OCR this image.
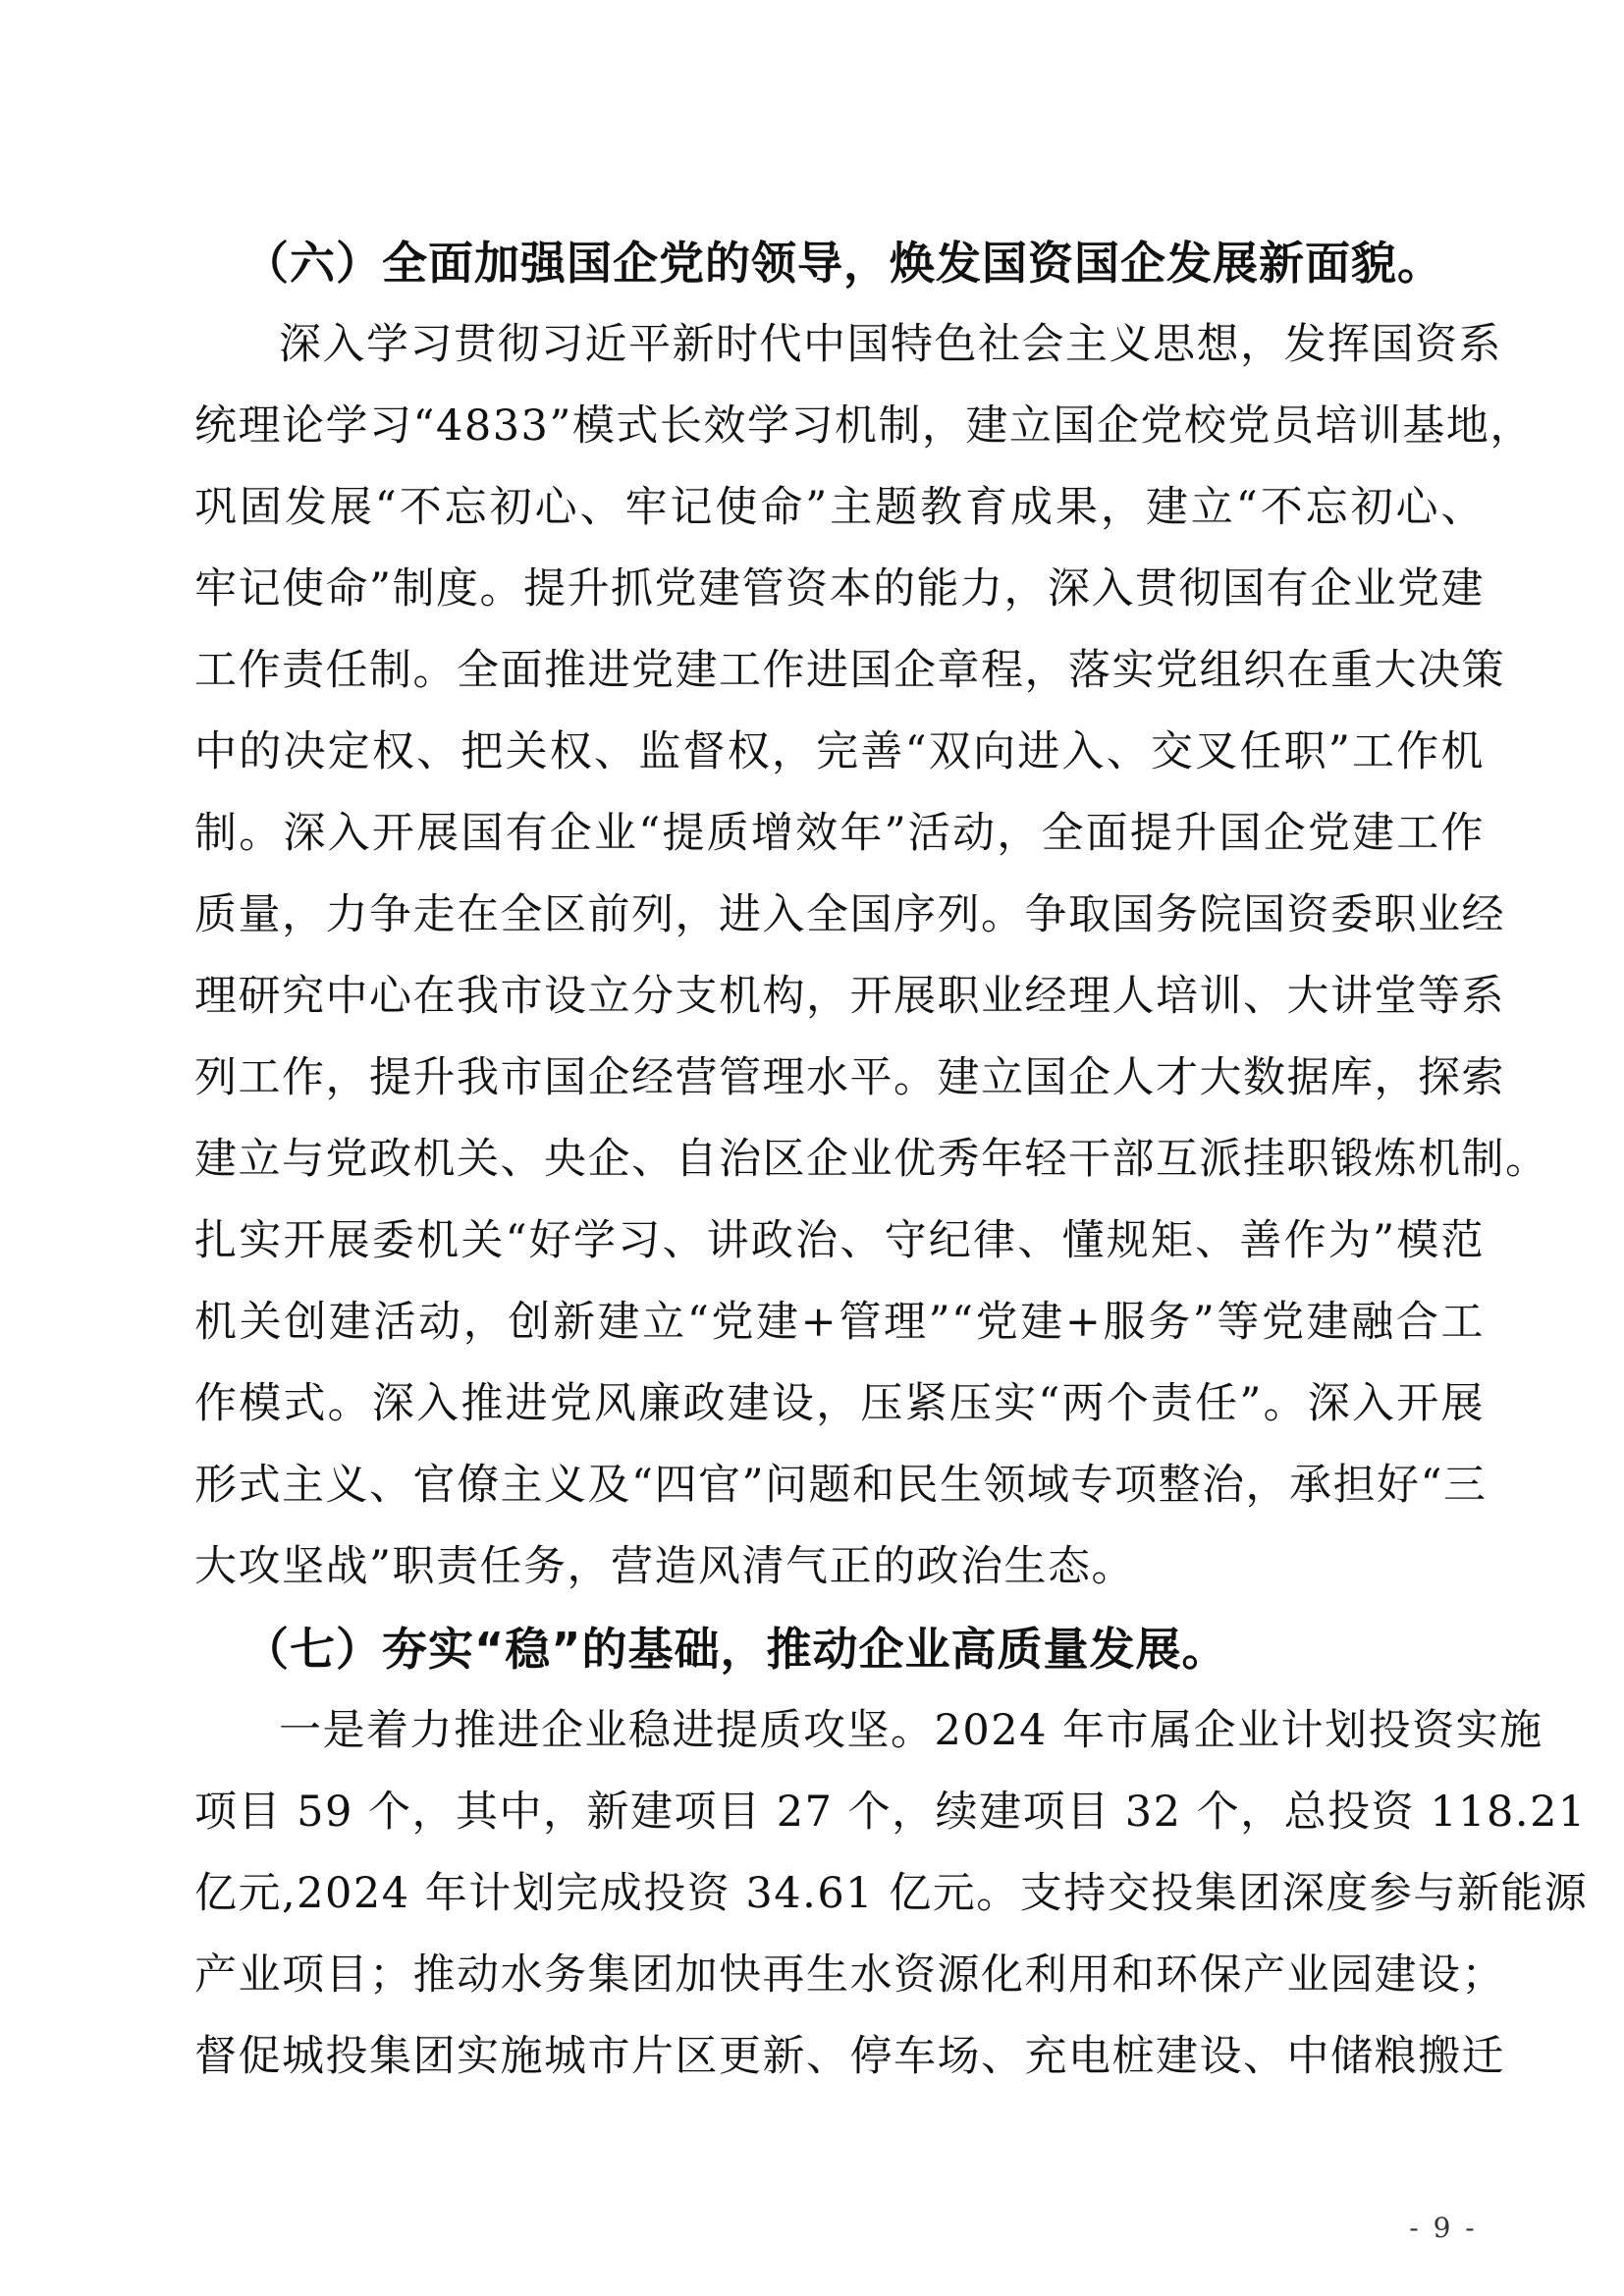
（六）全面加强国企党的领导，焕发国资国企发展新面貌。

深入学习贯彻习近平新时代中国特色社会主义思想，发挥国资系
统理论学习“4833”模式长效学习机制，建立国企党校党员培训基地，
巩固发展“不忘初心、牢记使命”主题教育成果，建立“不忘初心、
牢记使命”制度。提升抓党建管资本的能力，深入贯彻国有企业党建
工作责任制。全面推进党建工作进国企章程，落实党组织在重大决策
中的决定权、把关权、监督权，完善“双向进入、交叉任职”工作机
制。深入开展国有企业“提质增效年”活动，全面提升国企党建工作
质量，力争走在全区前列，进入全国序列。争取国务院国资委职业经
理研究中心在我市设立分支机构，开展职业经理人培训、大讲堂等系
列工作，提升我市国企经营管理水平。建立国企人才大数据库，探索
建立与党政机关、央企、自治区企业优秀年轻干部互派挂职锻炼机制。
扎实开展委机关“好学习、讲政治、守纪律、懂规矩、善作为”模范
机关创建活动，创新建立“党建+管理”“党建+服务”等党建融合工
作模式。深入推进党风廉政建设，压紧压实“两个责任”。深入开展
形式主义、官僚主义及“四官”问题和民生领域专项整治，承担好“三
大攻坚战”职责任务，营造风清气正的政治生态。

（七）夯实“稳”的基础，推动企业高质量发展。

一是着力推进企业稳进提质攻坚。2024 年市属企业计划投资实施
项目 59 个，其中，新建项目 27 个，续建项目 32 个，总投资 118.21
亿元,2024 年计划完成投资 34.61 亿元。支持交投集团深度参与新能源
产业项目；推动水务集团加快再生水资源化利用和环保产业园建设；
督促城投集团实施城市片区更新、停车场、充电桩建设、中储粮搬迁

- 9 -
